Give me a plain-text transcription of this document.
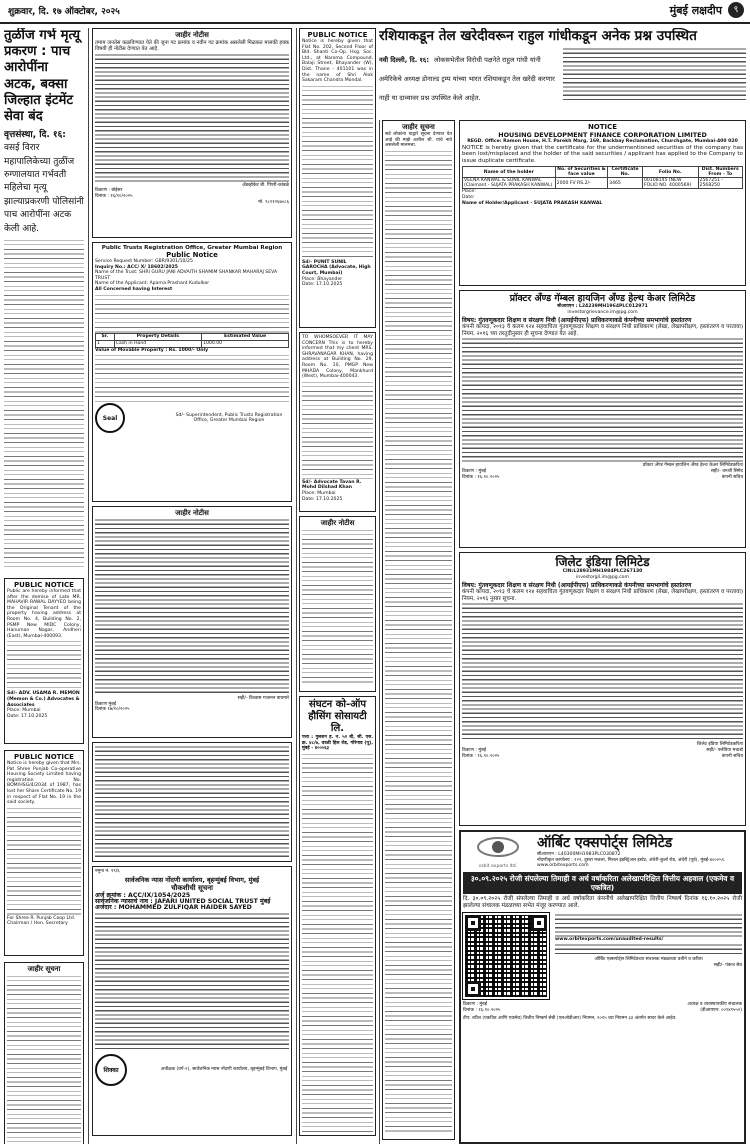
शुक्रवार, दि. १७ ऑक्टोबर, २०२५	मुंबई लक्षदीप	९
तुळींज गर्भ मृत्यू प्रकरण : पाच आरोपींना अटक, बक्सा जिल्हात इंटमेंट सेवा बंद
वृत्तसंस्था, दि. १६:
वसई विरार महापालिकेच्या तुळींज रुग्णालयात गर्भवती महिलेचा मृत्यू झाल्याप्रकरणी पोलिसांनी पाच आरोपींना अटक केली आहे.
PUBLIC NOTICE
Public are hereby informed that after the demise of Late MR. MAHAVIR RAWAL DAYYEO being the Original Tenant of the property having address at Room No. 4, Building No. 2, PSMP New MIDC Colony, Hanuman Nagar, Andheri (East), Mumbai-400093.
Sd/- ADV. USAMA R. MEMON (Memon & Co.) Advocates & Associates
Place: Mumbai
Date: 17.10.2025
PUBLIC NOTICE
Notice is hereby given that Mrs. Pat Shree Punjab Co-operative Housing Society Limited having registration No. BOM/HSG/4/2034 of 1987, has lost her Share Certificate No. 19 in respect of Flat No. 19 in the said society.
For Shree R. Punjab Coop Ltd. Chairman / Hon. Secretary
जाहीर सूचना
जाहीर नोटीस
तमाम जनतेस कळविण्यात येते की जुना गट क्रमांक व नवीन गट क्रमांक असलेली मिळकत मालकी हक्क विषयी ही नोटीस देण्यात येत आहे.
ॲडव्होकेट बी. पिंपरी-कांबळे
ठिकाण : बोईसर
दिनांक : १६/१०/२०२५
मो. ९८२१२६७०८६
Public Trusts Registration Office, Greater Mumbai Region
Public Notice
Service Request Number: GBR/9301/10/25
Inquiry No.: ACC/ X/ 18602/2025
Name of the Trust: SHRI GURU JANI ADVAITH SHAMIM SHANKAR MAHARAJ SEVA TRUST
Name of the Applicant: Aparna Prashant Kudulkar
All Concerned having Interest
Sr.	Property Details	Estimated Value
1	Cash in Hand	1000.00
Value of Movable Property : Rs. 1000/- Only
Seal	Sd/- Superintendent, Public Trusts Registration Office, Greater Mumbai Region
जाहीर नोटीस
सही/- विश्वास गजानन वाघमारे
ठिकाण मुंबई
दिनांक १७/१०/२०२५
नमुना नं. १९/६
सार्वजनिक न्यास नोंदणी कार्यालय, बृहन्मुंबई विभाग, मुंबई
चौकशीची सूचना
अर्ज क्रमांक : ACC/IX/1054/2025
सार्वजनिक न्यासाचे नाव : JAFARI UNITED SOCIAL TRUST मुंबई
अर्जदार : MOHAMMED ZULFIQAR HAIDER SAYED
शिक्का	अधीक्षक (वर्ग-२), सार्वजनिक न्यास नोंदणी कार्यालय, बृहन्मुंबई विभाग, मुंबई
PUBLIC NOTICE
Notice is hereby given that Flat No. 202, Second Floor of Bld. Shanti Co-Op. Hsg. Soc. Ltd., at Naroma Compound, Balaji Street, Bhayander (W), Dist. Thane - 401101 was in the name of Shri Alok Sakaram Chandra Mondal.
Sd/- PUNIT SUNIL GAROCHA (Advocate, High Court, Mumbai)
Place: Bhayander
Date: 17.10.2025
TO WHOMSOEVER IT MAY CONCERN This is to hereby informed that my client MRS. SHRAVANAGAR KHAN, having address at Building No. 29, Room No. 10, PMGP New MHADA Colony, Mankhurd (West), Mumbai-400043.
Sd/- Advocate Tavan R. Mohd Dilshad Khan
Place: Mumbai
Date: 17.10.2025
जाहीर नोटीस
संघटन को-ऑप हौसिंग सोसायटी लि.
पत्ता : गुलशन ह. न. ५२ बी, सी. एस. क्र. ४८/७, वरळी हिल रोड, गोरेगाव (पू), मुंबई - ४०००६३
जाहीर सूचना
सर्व लोकांना याद्वारे सूचना देण्यात येत आहे की माझे अशील श्री. यांचे नावे असलेली मालमत्ता.
रशियाकडून तेल खरेदीवरून राहुल गांधीकडून अनेक प्रश्न उपस्थित
नवी दिल्ली, दि. १६: लोकसभेतील विरोधी पक्षनेते राहुल गांधी यांनी अमेरिकेचे अध्यक्ष डोनाल्ड ट्रम्प यांच्या भारत रशियाकडून तेल खरेदी करणार नाही या दाव्यावर प्रश्न उपस्थित केले आहेत.
NOTICE
HOUSING DEVELOPMENT FINANCE CORPORATION LIMITED
REGD. Office: Ramon House, H.T. Parekh Marg, 169, Backbay Reclamation, Churchgate, Mumbai-400 020
NOTICE is hereby given that the certificate for the undermentioned securities of the company has been lost/misplaced and the holder of the said securities / applicant has applied to the Company to issue duplicate certificate.
Name of the holder	No. of Securities & face value	Certificate No.	Folio No.	Dist. Numbers From - To
VEENA KANWAL & SUNIL KANWAL (Claimant - SUJATA PRAKASH KANWAL)	2000 FV RS.2/-	3465	00108145 (NEW FOLIO NO. 4000569)	2567251 - 2568250
Place:
Date:
Name of Holder/Applicant - SUJATA PRAKASH KANWAL
प्रॉक्टर अँण्ड गॅम्बल हायजिन अँण्ड हेल्थ केअर लिमिटेड
सीआयएन : L24239MH1964PLC012971
investorgrievance.im@pg.com
विषय: गुंतवणूकदार शिक्षण व संरक्षण निधी (आयईपीएफ) प्राधिकरणाकडे कंपनीच्या समभागांचे हस्तांतरण
कंपनी कायदा, २०१३ चे कलम १२४ सहवाचिता गुंतवणूकदार शिक्षण व संरक्षण निधी प्राधिकरण (लेखा, लेखापरीक्षण, हस्तांतरण व परतावा) नियम, २०१६ च्या तरतुदीनुसार ही सूचना देण्यात येत आहे.
प्रॉक्टर अँण्ड गॅम्बल हायजिन अँण्ड हेल्थ केअर लिमिटेडकरिता
ठिकाण : मुंबई
दिनांक : १६.१०.२०२५
सही/- धनश्री सिमेद
कंपनी सचिव
जिलेट इंडिया लिमिटेड
CIN:L28931MH1984PLC267130
investorgil.im@pg.com
विषय: गुंतवणूकदार शिक्षण व संरक्षण निधी (आयईपीएफ) प्राधिकरणाकडे कंपनीच्या समभागांचे हस्तांतरण
कंपनी कायदा, २०१३ चे कलम १२४ सहवाचिता गुंतवणूकदार शिक्षण व संरक्षण निधी प्राधिकरण (लेखा, लेखापरीक्षण, हस्तांतरण व परतावा) नियम, २०१६ नुसार सूचना.
जिलेट इंडिया लिमिटेडकरिता
ठिकाण : मुंबई
दिनांक : १६.१०.२०२५
सही/- फ्लेविया मचाडो
कंपनी सचिव
orbit exports ltd.
ऑर्बिट एक्सपोर्ट्स लिमिटेड
सीआयएन : L40300MH1983PLC030872
नोंदणीकृत कार्यालय : १२२, दुसरा मजला, मित्तल इंडस्ट्रिअल इस्टेट, अंधेरी-कुर्ला रोड, अंधेरी (पूर्व), मुंबई-४०००५९.
www.orbitexports.com
३०.०९.२०२५ रोजी संपलेल्या तिमाही व अर्ध वर्षाकरिता अलेखापरिक्षित वित्तीय अहवाल (एकमेव व एकत्रित)
दि. ३०.०९.२०२५ रोजी संपलेल्या तिमाही व अर्ध वर्षाकरिता कंपनीचे अलेखापरिक्षित वित्तीय निष्कर्ष दिनांक १६.१०.२०२५ रोजी झालेल्या संचालक मंडळाच्या सभेत मंजूर करण्यात आले.
www.orbitexports.com/unaudited-results/
ऑर्बिट एक्सपोर्ट्स लिमिटेडच्या संचालक मंडळाच्या वतीने व करिता
सही/- पंकज सेठ
ठिकाण : मुंबई
दिनांक : १६.१०.२०२५
अध्यक्ष व व्यवस्थापकीय संचालक
(डीआयएन: ००९४९५५२)
टीप: वरील (एकत्रित आणि एकमेव) वित्तीय निष्कर्ष सेबी (एलओडीआर) नियमन, २०१५ च्या नियमन ३३ अंतर्गत सादर केले आहेत.
